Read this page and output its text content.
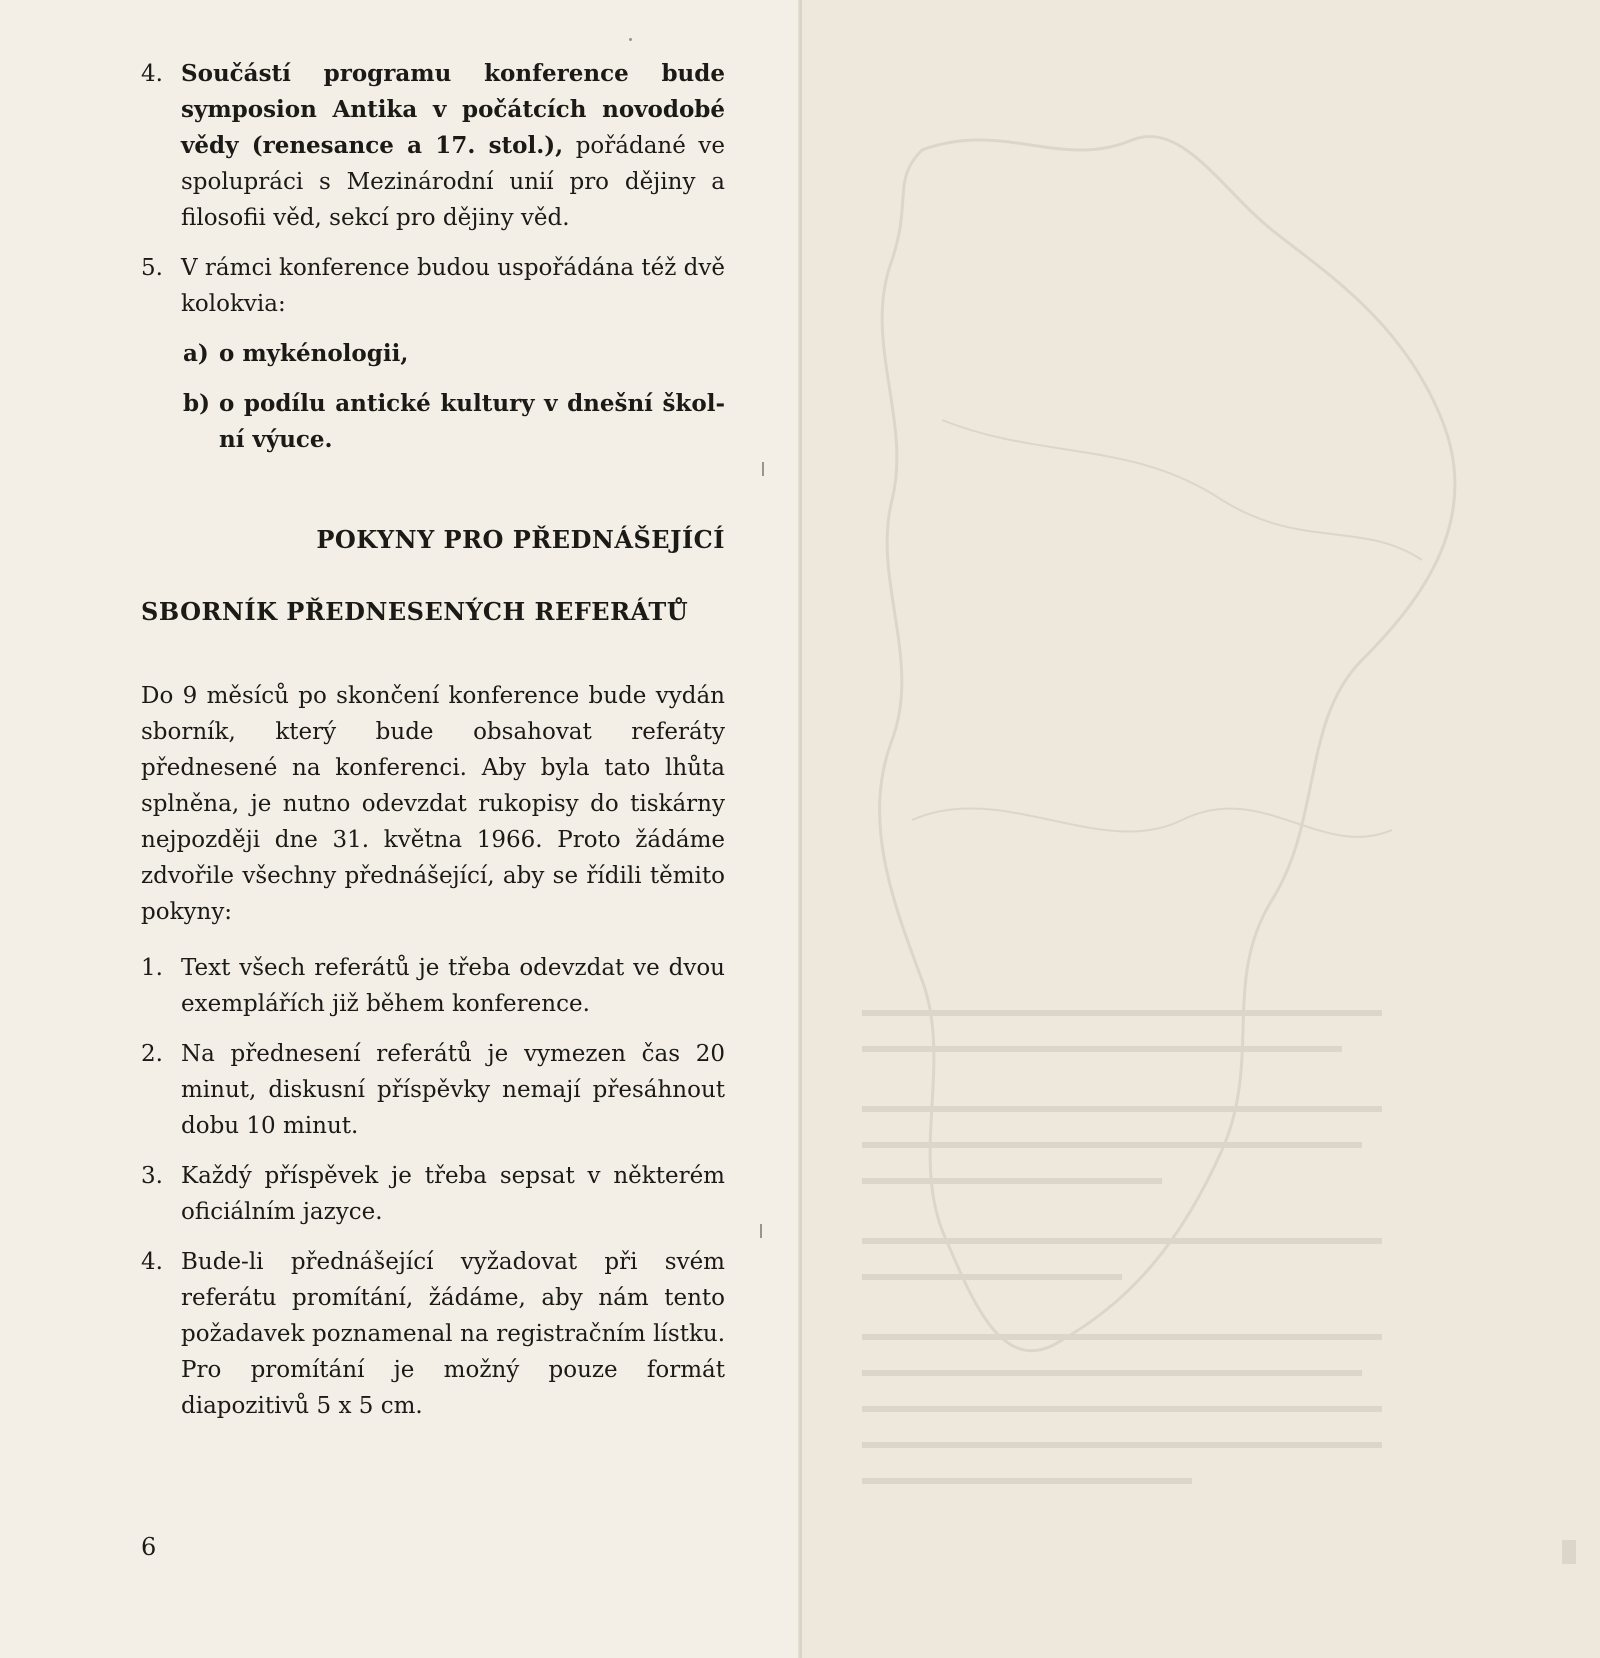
4. Součástí programu konference bude symposion Antika v počátcích novodobé vědy (renesance a 17. stol.), pořádané ve spolupráci s Mezinárodní unií pro dějiny a filosofii věd, sekcí pro dějiny věd.
5. V rámci konference budou uspořádána též dvě kolokvia:
a) o mykénologii,
b) o podílu antické kultury v dnešní školní výuce.
POKYNY PRO PŘEDNÁŠEJÍCÍ
SBORNÍK PŘEDNESENÝCH REFERÁTŮ
Do 9 měsíců po skončení konference bude vydán sborník, který bude obsahovat referáty přednesené na konferenci. Aby byla tato lhůta splněna, je nutno odevzdat rukopisy do tiskárny nejpozději dne 31. května 1966. Proto žádáme zdvořile všechny přednášející, aby se řídili těmito pokyny:
1. Text všech referátů je třeba odevzdat ve dvou exemplářích již během konference.
2. Na přednesení referátů je vymezen čas 20 minut, diskusní příspěvky nemají přesáhnout dobu 10 minut.
3. Každý příspěvek je třeba sepsat v některém oficiálním jazyce.
4. Bude-li přednášející vyžadovat při svém referátu promítání, žádáme, aby nám tento požadavek poznamenal na registračním lístku. Pro promítání je možný pouze formát diapozitivů 5 x 5 cm.
6
